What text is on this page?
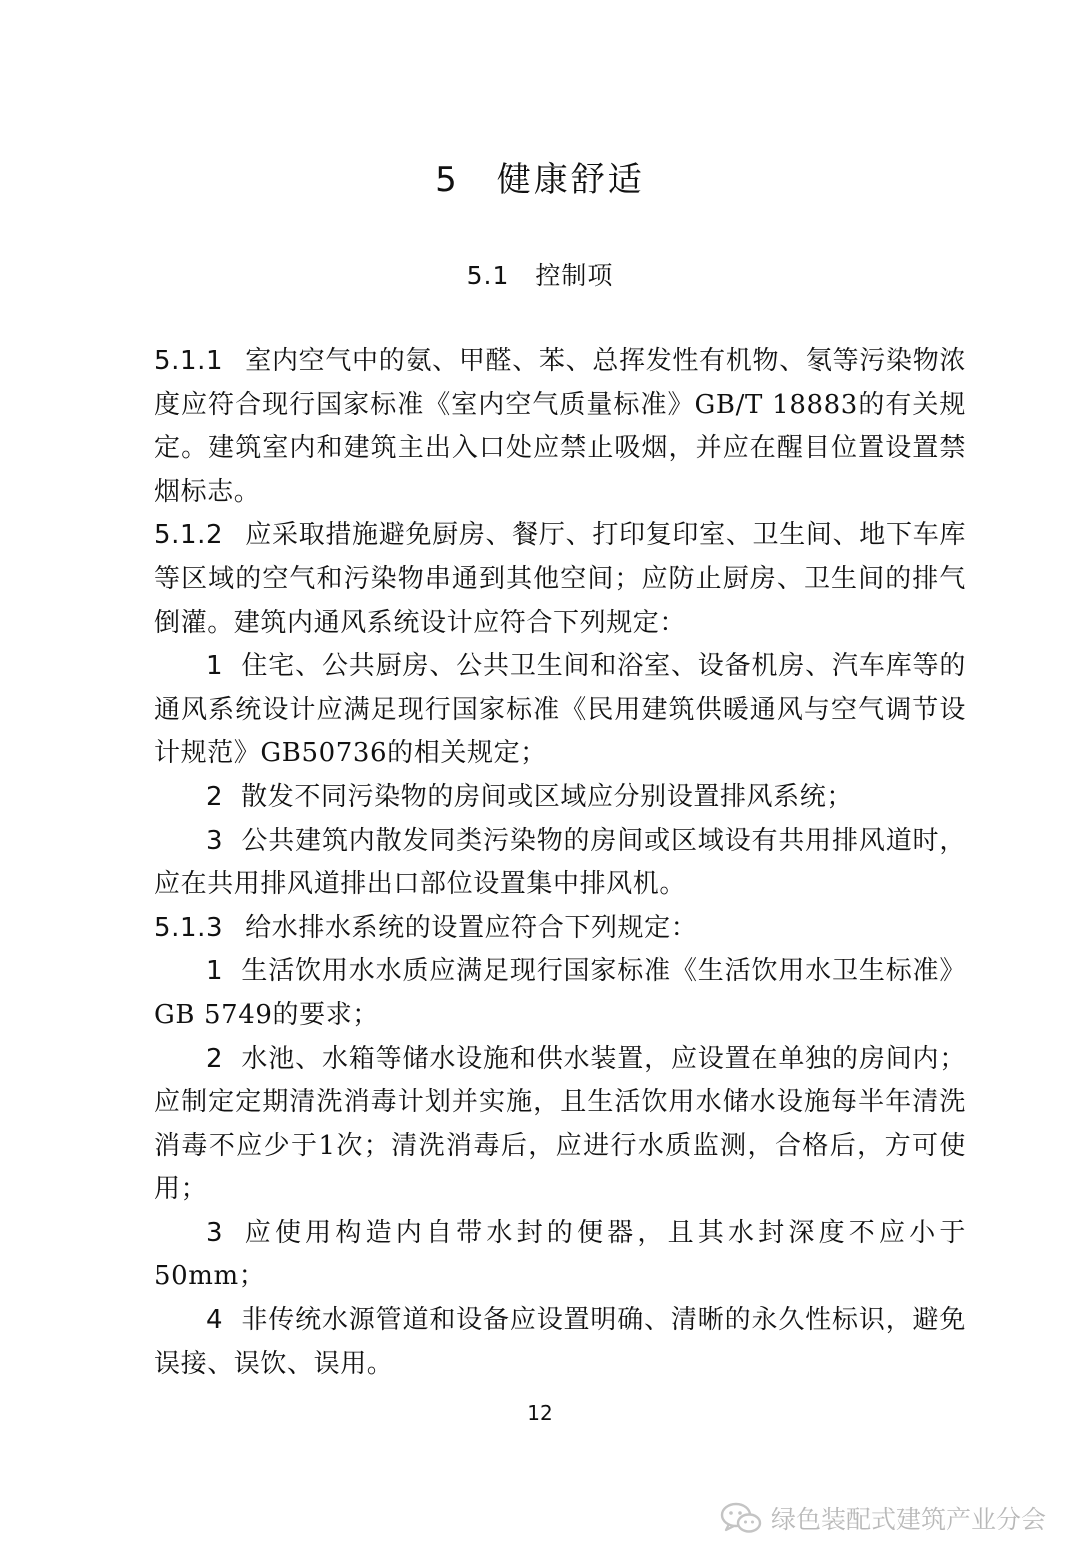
5　健康舒适
5.1　控制项

5.1.1 室内空气中的氨、甲醛、苯、总挥发性有机物、氡等污染物浓度应符合现行国家标准《室内空气质量标准》GB/T 18883的有关规定。建筑室内和建筑主出入口处应禁止吸烟，并应在醒目位置设置禁烟标志。

5.1.2 应采取措施避免厨房、餐厅、打印复印室、卫生间、地下车库等区域的空气和污染物串通到其他空间；应防止厨房、卫生间的排气倒灌。建筑内通风系统设计应符合下列规定：

1 住宅、公共厨房、公共卫生间和浴室、设备机房、汽车库等的通风系统设计应满足现行国家标准《民用建筑供暖通风与空气调节设计规范》GB50736的相关规定；

2 散发不同污染物的房间或区域应分别设置排风系统；

3 公共建筑内散发同类污染物的房间或区域设有共用排风道时，应在共用排风道排出口部位设置集中排风机。

5.1.3 给水排水系统的设置应符合下列规定：

1 生活饮用水水质应满足现行国家标准《生活饮用水卫生标准》GB 5749的要求；

2 水池、水箱等储水设施和供水装置，应设置在单独的房间内；应制定定期清洗消毒计划并实施，且生活饮用水储水设施每半年清洗消毒不应少于1次；清洗消毒后，应进行水质监测，合格后，方可使用；

3 应使用构造内自带水封的便器，且其水封深度不应小于50mm；

4 非传统水源管道和设备应设置明确、清晰的永久性标识，避免误接、误饮、误用。

12
绿色装配式建筑产业分会
